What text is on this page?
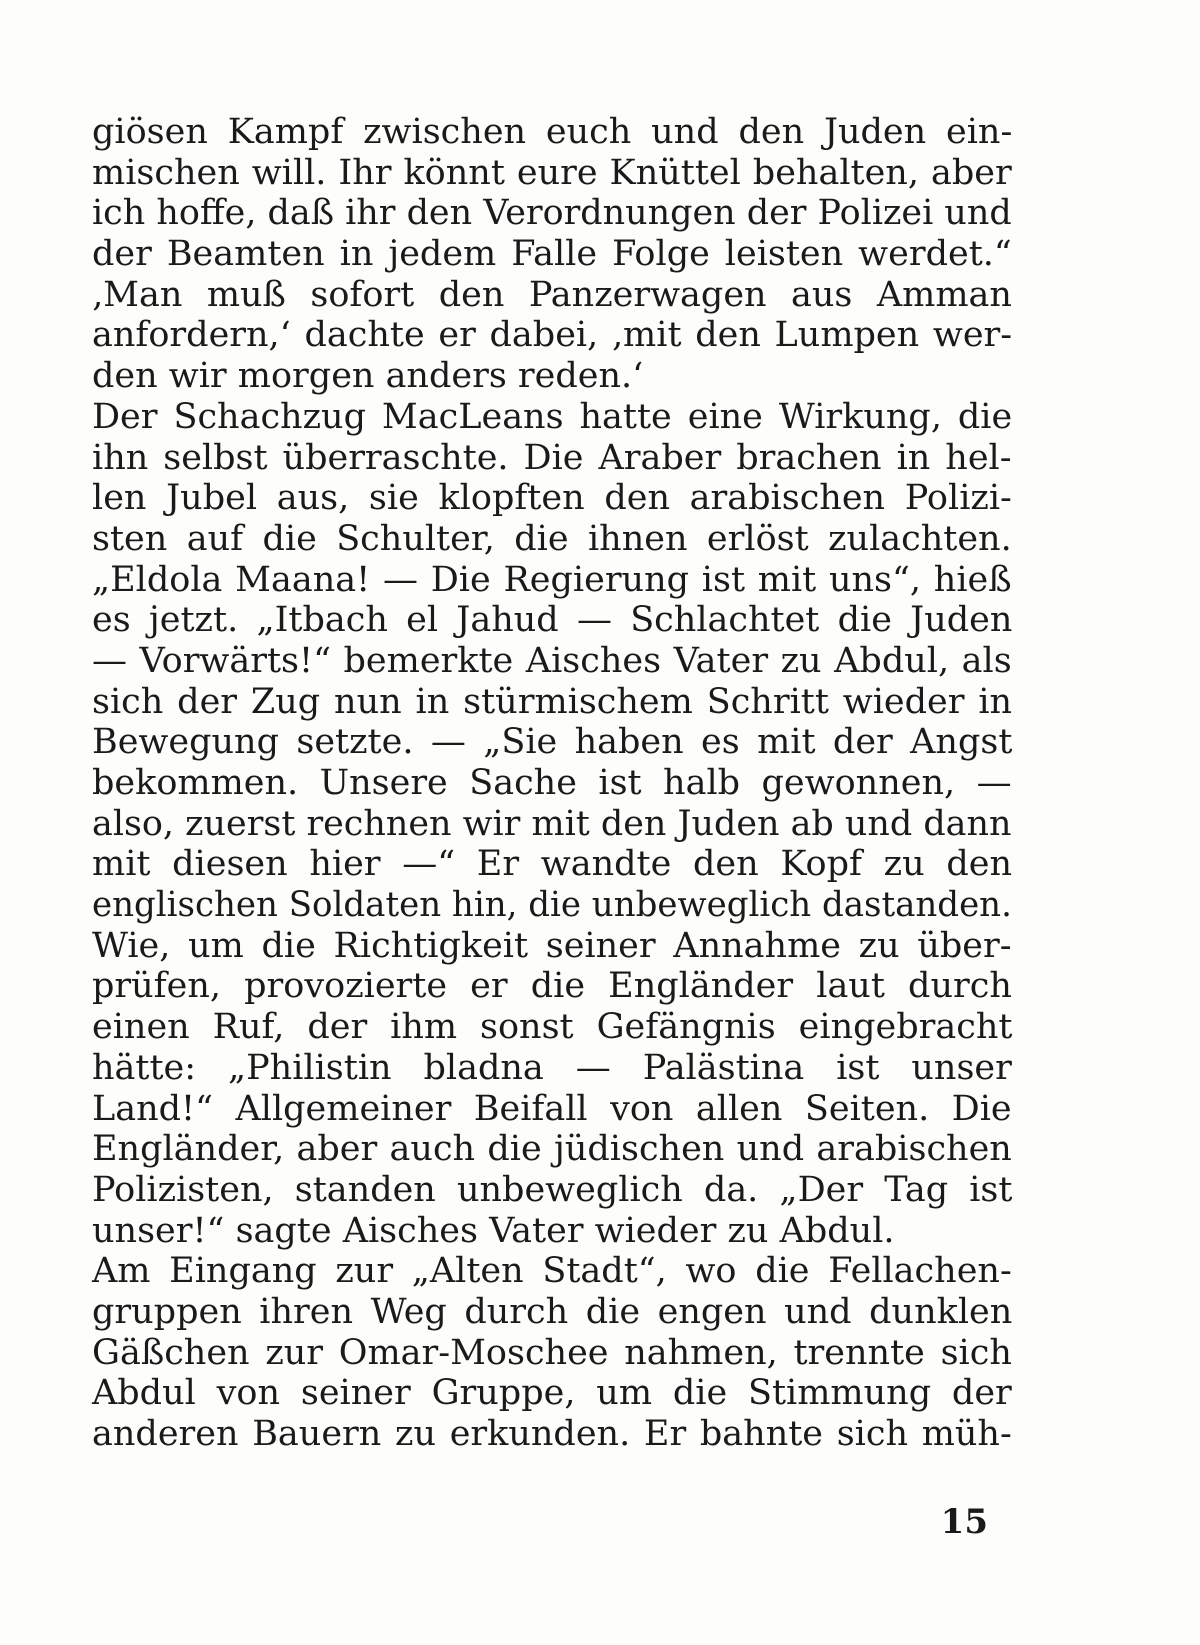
giösen Kampf zwischen euch und den Juden ein-
mischen will. Ihr könnt eure Knüttel behalten, aber
ich hoffe, daß ihr den Verordnungen der Polizei und
der Beamten in jedem Falle Folge leisten werdet.“
‚Man muß sofort den Panzerwagen aus Amman
anfordern,‘ dachte er dabei, ‚mit den Lumpen wer-
den wir morgen anders reden.‘
Der Schachzug MacLeans hatte eine Wirkung, die
ihn selbst überraschte. Die Araber brachen in hel-
len Jubel aus, sie klopften den arabischen Polizi-
sten auf die Schulter, die ihnen erlöst zulachten.
„Eldola Maana! — Die Regierung ist mit uns“, hieß
es jetzt. „Itbach el Jahud — Schlachtet die Juden
— Vorwärts!“ bemerkte Aisches Vater zu Abdul, als
sich der Zug nun in stürmischem Schritt wieder in
Bewegung setzte. — „Sie haben es mit der Angst
bekommen. Unsere Sache ist halb gewonnen, —
also, zuerst rechnen wir mit den Juden ab und dann
mit diesen hier —“ Er wandte den Kopf zu den
englischen Soldaten hin, die unbeweglich dastanden.
Wie, um die Richtigkeit seiner Annahme zu über-
prüfen, provozierte er die Engländer laut durch
einen Ruf, der ihm sonst Gefängnis eingebracht
hätte: „Philistin bladna — Palästina ist unser
Land!“ Allgemeiner Beifall von allen Seiten. Die
Engländer, aber auch die jüdischen und arabischen
Polizisten, standen unbeweglich da. „Der Tag ist
unser!“ sagte Aisches Vater wieder zu Abdul.
Am Eingang zur „Alten Stadt“, wo die Fellachen-
gruppen ihren Weg durch die engen und dunklen
Gäßchen zur Omar-Moschee nahmen, trennte sich
Abdul von seiner Gruppe, um die Stimmung der
anderen Bauern zu erkunden. Er bahnte sich müh-
15
